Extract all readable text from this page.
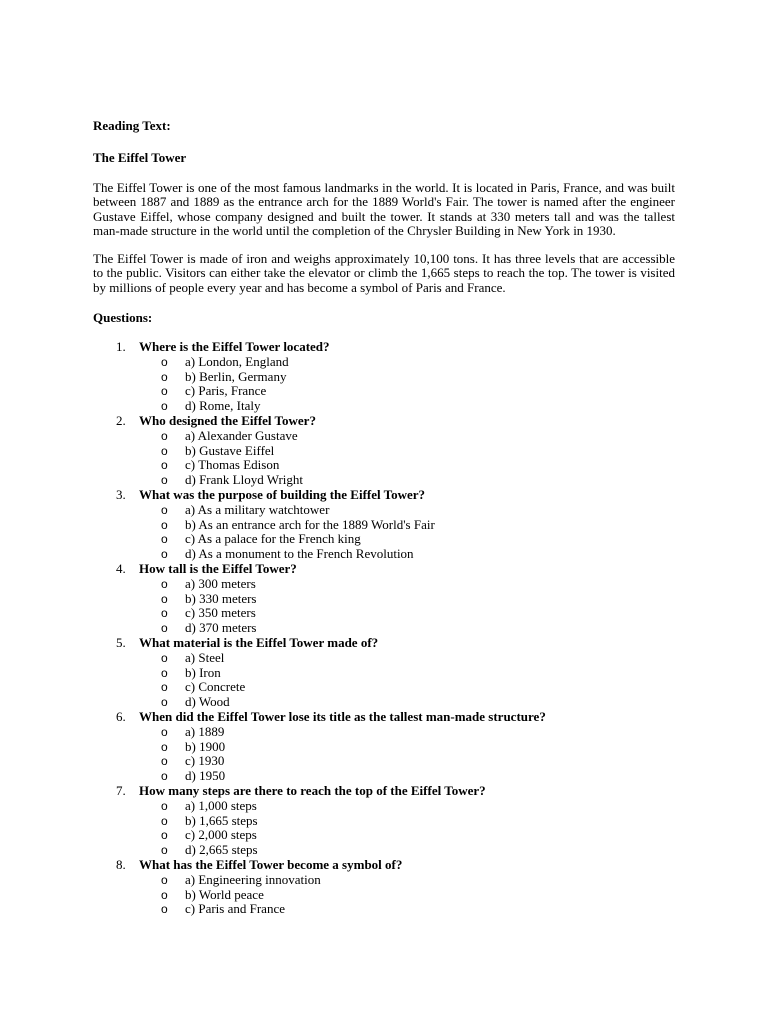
Reading Text:

The Eiffel Tower

The Eiffel Tower is one of the most famous landmarks in the world. It is located in Paris, France, and was built between 1887 and 1889 as the entrance arch for the 1889 World's Fair. The tower is named after the engineer Gustave Eiffel, whose company designed and built the tower. It stands at 330 meters tall and was the tallest man-made structure in the world until the completion of the Chrysler Building in New York in 1930.

The Eiffel Tower is made of iron and weighs approximately 10,100 tons. It has three levels that are accessible to the public. Visitors can either take the elevator or climb the 1,665 steps to reach the top. The tower is visited by millions of people every year and has become a symbol of Paris and France.

Questions:

1.	Where is the Eiffel Tower located?
o a) London, England
o b) Berlin, Germany
o c) Paris, France
o d) Rome, Italy
2.	Who designed the Eiffel Tower?
o a) Alexander Gustave
o b) Gustave Eiffel
o c) Thomas Edison
o d) Frank Lloyd Wright
3.	What was the purpose of building the Eiffel Tower?
o a) As a military watchtower
o b) As an entrance arch for the 1889 World's Fair
o c) As a palace for the French king
o d) As a monument to the French Revolution
4.	How tall is the Eiffel Tower?
o a) 300 meters
o b) 330 meters
o c) 350 meters
o d) 370 meters
5.	What material is the Eiffel Tower made of?
o a) Steel
o b) Iron
o c) Concrete
o d) Wood
6.	When did the Eiffel Tower lose its title as the tallest man-made structure?
o a) 1889
o b) 1900
o c) 1930
o d) 1950
7.	How many steps are there to reach the top of the Eiffel Tower?
o a) 1,000 steps
o b) 1,665 steps
o c) 2,000 steps
o d) 2,665 steps
8.	What has the Eiffel Tower become a symbol of?
o a) Engineering innovation
o b) World peace
o c) Paris and France
